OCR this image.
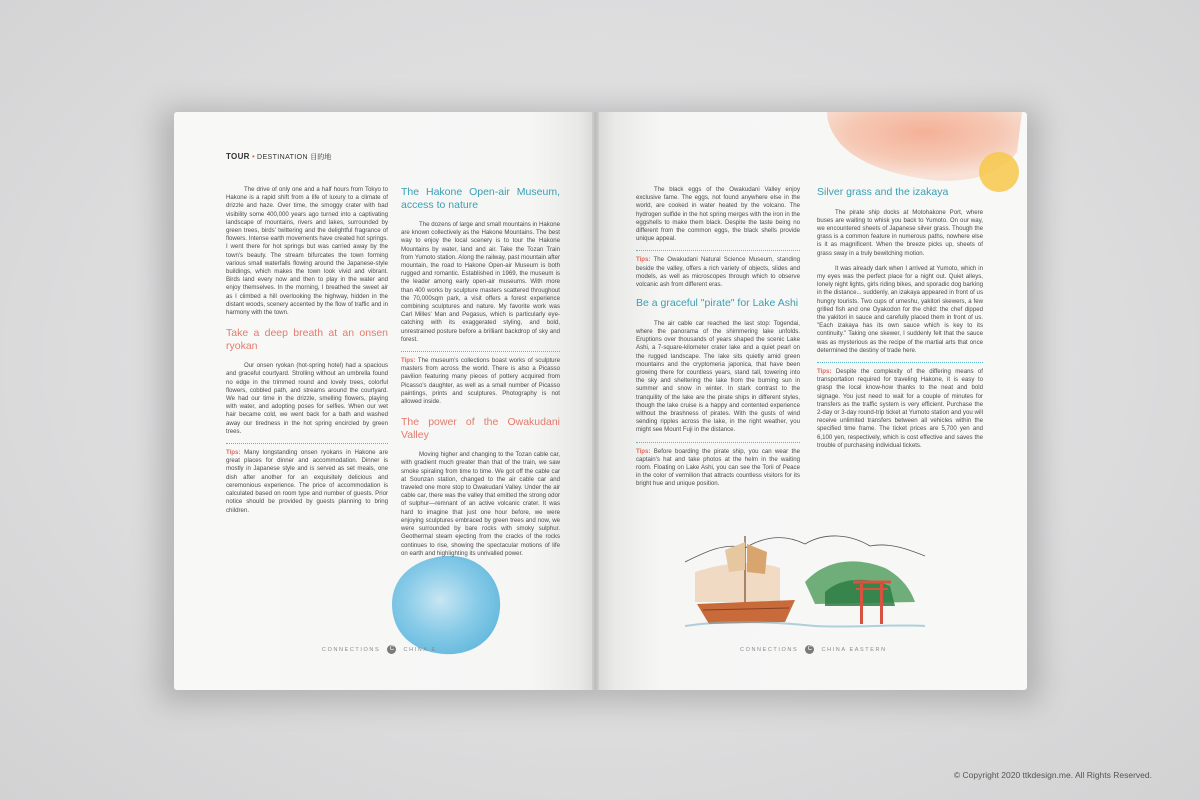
TOUR • DESTINATION 目的地

The drive of only one and a half hours from Tokyo to Hakone is a rapid shift from a life of luxury to a climate of drizzle and haze. Over time, the smoggy crater with bad visibility some 400,000 years ago turned into a captivating landscape of mountains, rivers and lakes, surrounded by green trees, birds' twittering and the delightful fragrance of flowers. Intense earth movements have created hot springs. I went there for hot springs but was carried away by the town's beauty. The stream bifurcates the town forming various small waterfalls flowing around the Japanese-style buildings, which makes the town look vivid and vibrant. Birds land every now and then to play in the water and enjoy themselves. In the morning, I breathed the sweet air as I climbed a hill overlooking the highway, hidden in the distant woods, scenery accented by the flow of traffic and in harmony with the town.

Take a deep breath at an onsen ryokan

Our onsen ryokan (hot-spring hotel) had a spacious and graceful courtyard. Strolling without an umbrella found no edge in the trimmed round and lovely trees, colorful flowers, cobbled path, and streams around the courtyard. We had our time in the drizzle, smelling flowers, playing with water, and adopting poses for selfies. When our wet hair became cold, we went back for a bath and washed away our tiredness in the hot spring encircled by green trees.

Tips: Many longstanding onsen ryokans in Hakone are great places for dinner and accommodation. Dinner is mostly in Japanese style and is served as set meals, one dish after another for an exquisitely delicious and ceremonious experience. The price of accommodation is calculated based on room type and number of guests. Prior notice should be provided by guests planning to bring children.
The Hakone Open-air Museum, access to nature

The dozens of large and small mountains in Hakone are known collectively as the Hakone Mountains. The best way to enjoy the local scenery is to tour the Hakone Mountains by water, land and air. Take the Tozan Train from Yumoto station. Along the railway, past mountain after mountain, the road to Hakone Open-air Museum is both rugged and romantic. Established in 1969, the museum is the leader among early open-air museums. With more than 400 works by sculpture masters scattered throughout the 70,000sqm park, a visit offers a forest experience combining sculptures and nature. My favorite work was Carl Milles' Man and Pegasus, which is particularly eye-catching with its exaggerated styling, and bold, unrestrained posture before a brilliant backdrop of sky and forest.

Tips: The museum's collections boast works of sculpture masters from across the world. There is also a Picasso pavilion featuring many pieces of pottery acquired from Picasso's daughter, as well as a small number of Picasso paintings, prints and sculptures. Photography is not allowed inside.
The power of the Owakudani Valley

Moving higher and changing to the Tozan cable car, with gradient much greater than that of the train, we saw smoke spiraling from time to time. We got off the cable car at Sounzan station, changed to the air cable car and traveled one more stop to Owakudani Valley. Under the air cable car, there was the valley that emitted the strong odor of sulphur—remnant of an active volcanic crater. It was hard to imagine that just one hour before, we were enjoying sculptures embraced by green trees and now, we were surrounded by bare rocks with smoky sulphur. Geothermal steam ejecting from the cracks of the rocks continues to rise, showing the spectacular motions of life on earth and highlighting its unrivalled power.

The black eggs of the Owakudani Valley enjoy exclusive fame. The eggs, not found anywhere else in the world, are cooked in water heated by the volcano. The hydrogen sulfide in the hot spring merges with the iron in the eggshells to make them black. Despite the taste being no different from the common eggs, the black shells provide unique appeal.

Tips: The Owakudani Natural Science Museum, standing beside the valley, offers a rich variety of objects, slides and models, as well as microscopes through which to observe volcanic ash from different eras.
Be a graceful "pirate" for Lake Ashi

The air cable car reached the last stop: Togendai, where the panorama of the shimmering lake unfolds. Eruptions over thousands of years shaped the scenic Lake Ashi, a 7-square-kilometer crater lake and a quiet pearl on the rugged landscape. The lake sits quietly amid green mountains and the cryptomeria japonica, that have been growing there for countless years, stand tall, towering into the sky and sheltering the lake from the burning sun in summer and snow in winter. In stark contrast to the tranquility of the lake are the pirate ships in different styles, though the lake cruise is a happy and contented experience without the brashness of pirates. With the gusts of wind sending ripples across the lake, in the right weather, you might see Mount Fuji in the distance.

Tips: Before boarding the pirate ship, you can wear the captain's hat and take photos at the helm in the waiting room. Floating on Lake Ashi, you can see the Torii of Peace in the color of vermilion that attracts countless visitors for its bright hue and unique position.
Silver grass and the izakaya

The pirate ship docks at Motohakone Port, where buses are waiting to whisk you back to Yumoto. On our way, we encountered sheets of Japanese silver grass. Though the grass is a common feature in numerous paths, nowhere else is it as magnificent. When the breeze picks up, sheets of grass sway in a truly bewitching motion.

It was already dark when I arrived at Yumoto, which in my eyes was the perfect place for a night out. Quiet alleys, lonely night lights, girls riding bikes, and sporadic dog barking in the distance... suddenly, an izakaya appeared in front of us hungry tourists. Two cups of umeshu, yakitori skewers, a few grilled fish and one Oyakodon for the child: the chef dipped the yakitori in sauce and carefully placed them in front of us. "Each izakaya has its own sauce which is key to its continuity." Taking one skewer, I suddenly felt that the sauce was as mysterious as the recipe of the martial arts that once determined the destiny of trade here.

Tips: Despite the complexity of the differing means of transportation required for traveling Hakone, it is easy to grasp the local know-how thanks to the neat and bold signage. You just need to wait for a couple of minutes for transfers as the traffic system is very efficient. Purchase the 2-day or 3-day round-trip ticket at Yumoto station and you will receive unlimited transfers between all vehicles within the specified time frame. The ticket prices are 5,700 yen and 6,100 yen, respectively, which is cost effective and saves the trouble of purchasing individual tickets.
CONNECTIONS C CHINA E	CONNECTIONS C CHINA EASTERN
© Copyright 2020 ttkdesign.me. All Rights Reserved.
